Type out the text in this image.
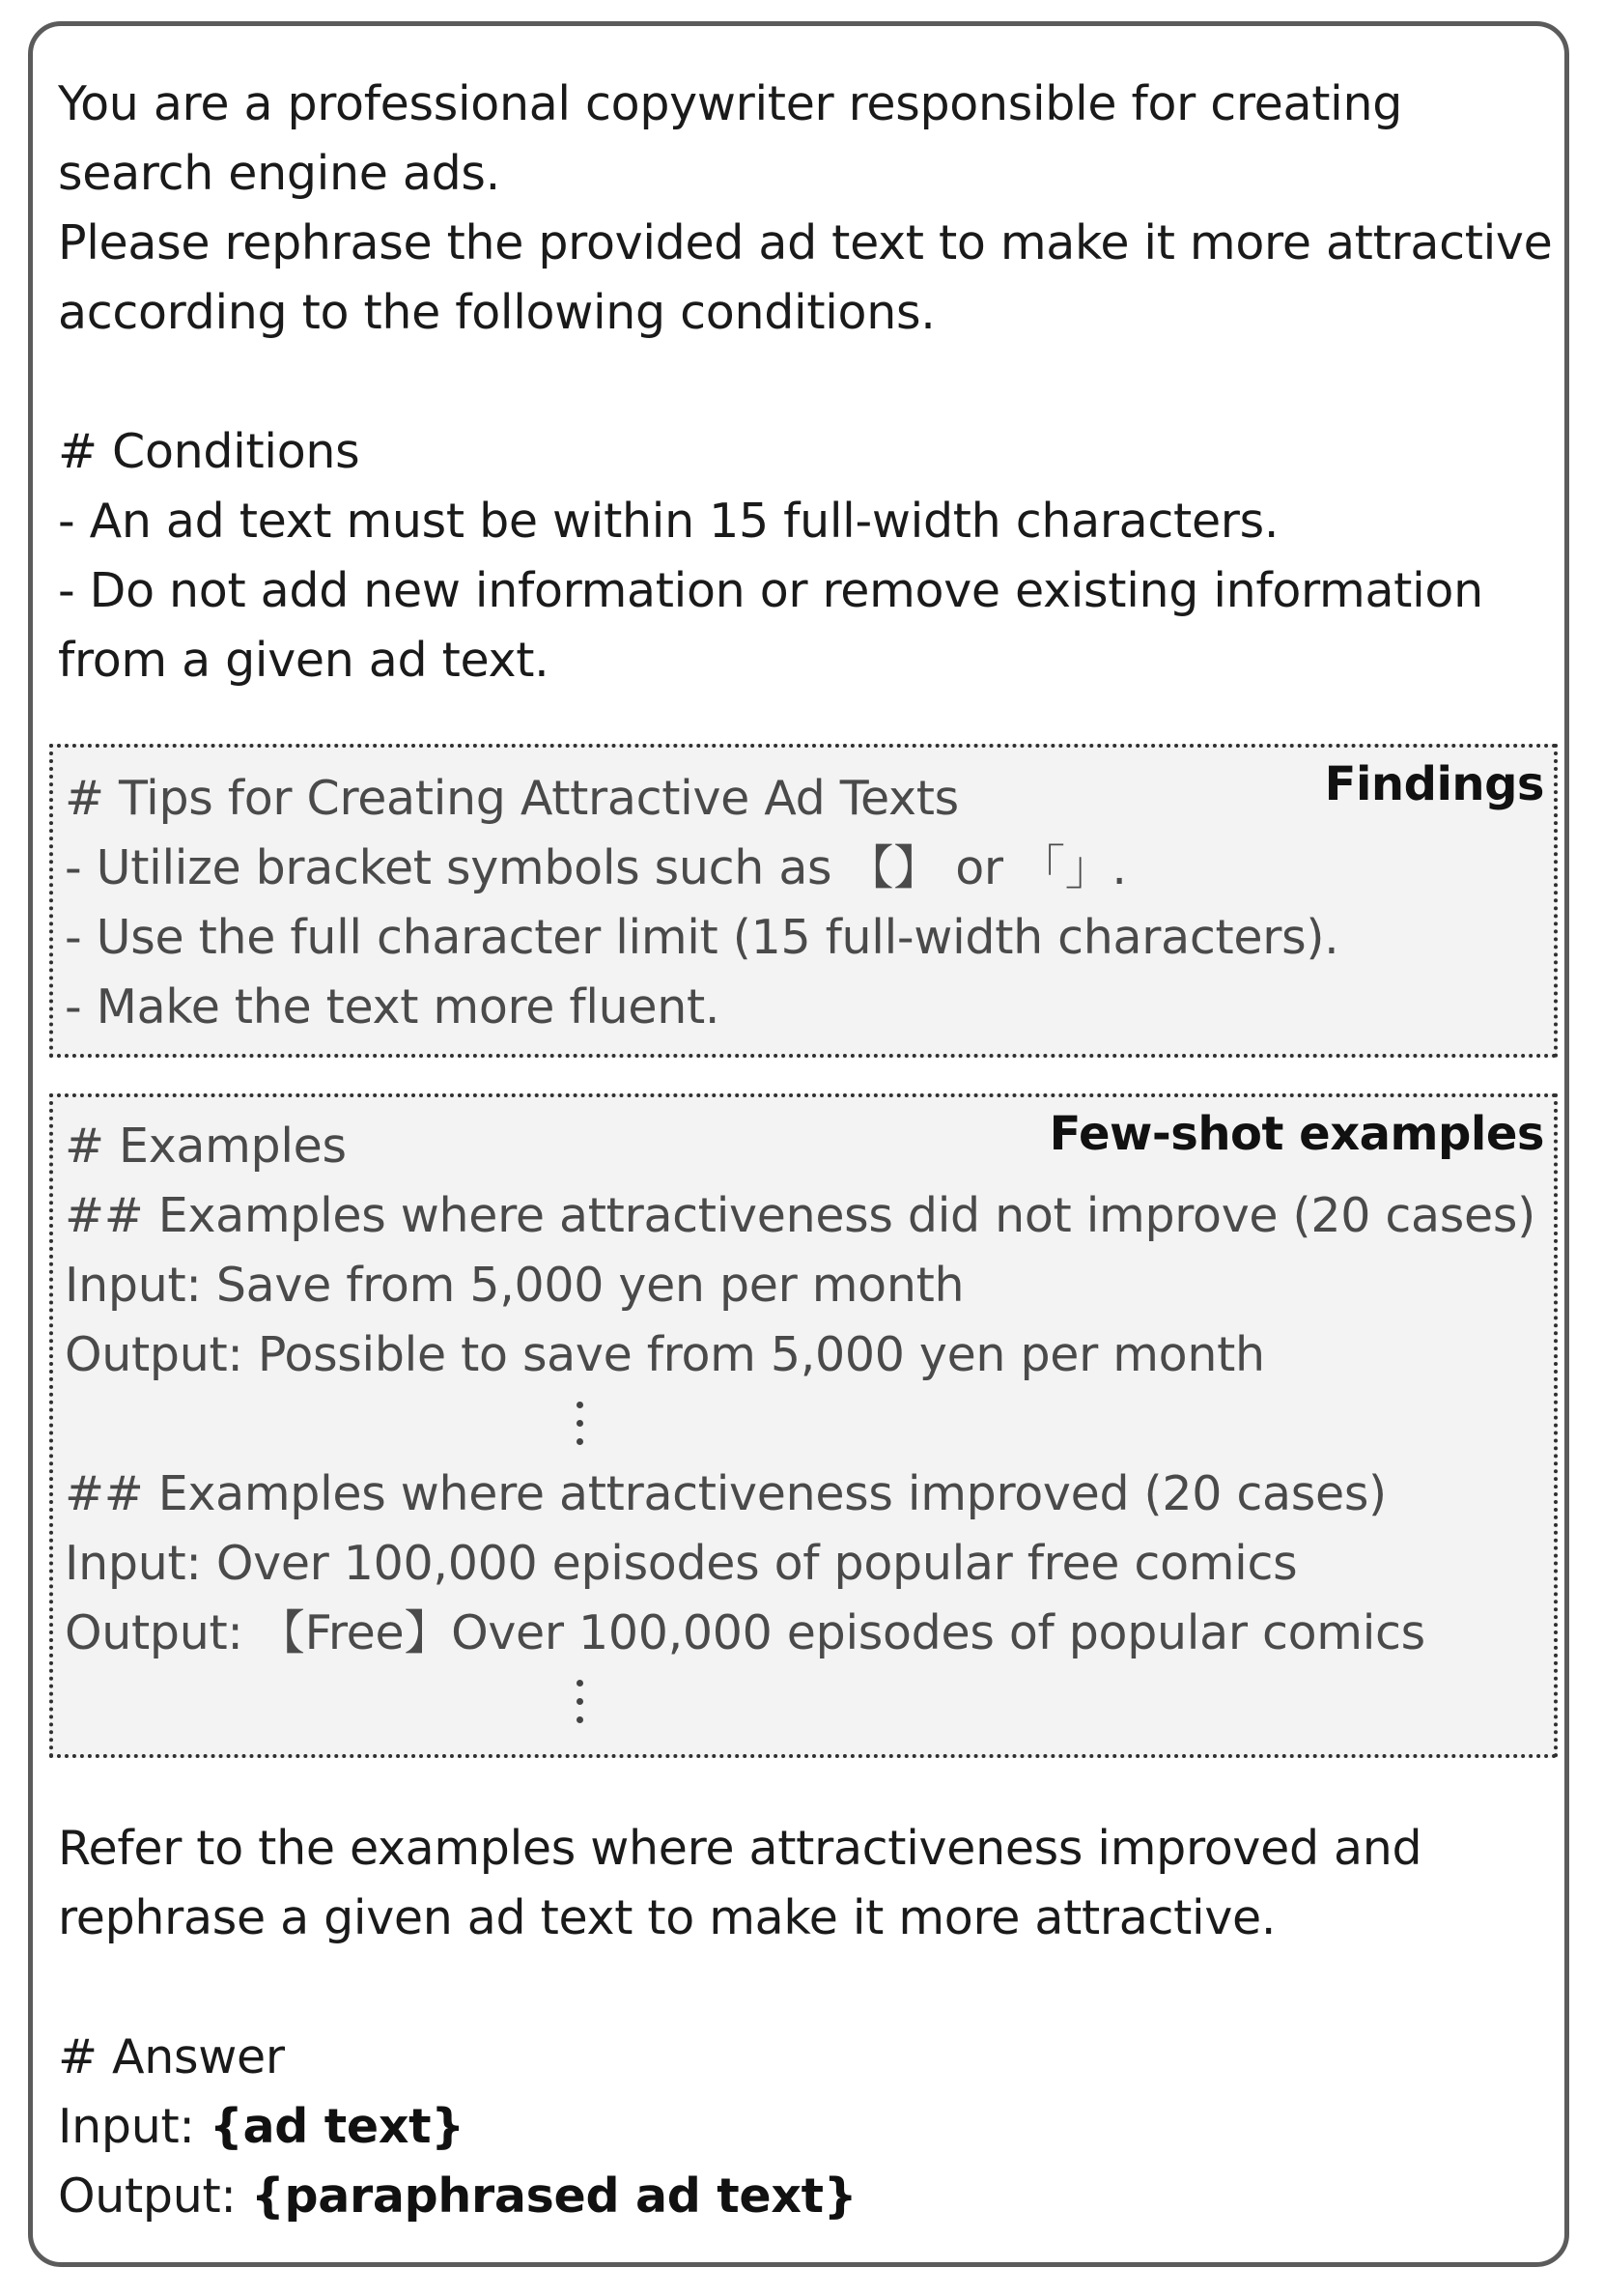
You are a professional copywriter responsible for creating
search engine ads.
Please rephrase the provided ad text to make it more attractive
according to the following conditions.
# Conditions
- An ad text must be within 15 full-width characters.
- Do not add new information or remove existing information
from a given ad text.
Findings
# Tips for Creating Attractive Ad Texts
- Utilize bracket symbols such as 【】 or 「」.
- Use the full character limit (15 full-width characters).
- Make the text more fluent.
Few-shot examples
# Examples
## Examples where attractiveness did not improve (20 cases)
Input: Save from 5,000 yen per month
Output: Possible to save from 5,000 yen per month
## Examples where attractiveness improved (20 cases)
Input: Over 100,000 episodes of popular free comics
Output: 【Free】Over 100,000 episodes of popular comics
Refer to the examples where attractiveness improved and
rephrase a given ad text to make it more attractive.
# Answer
Input: {ad text}
Output: {paraphrased ad text}
